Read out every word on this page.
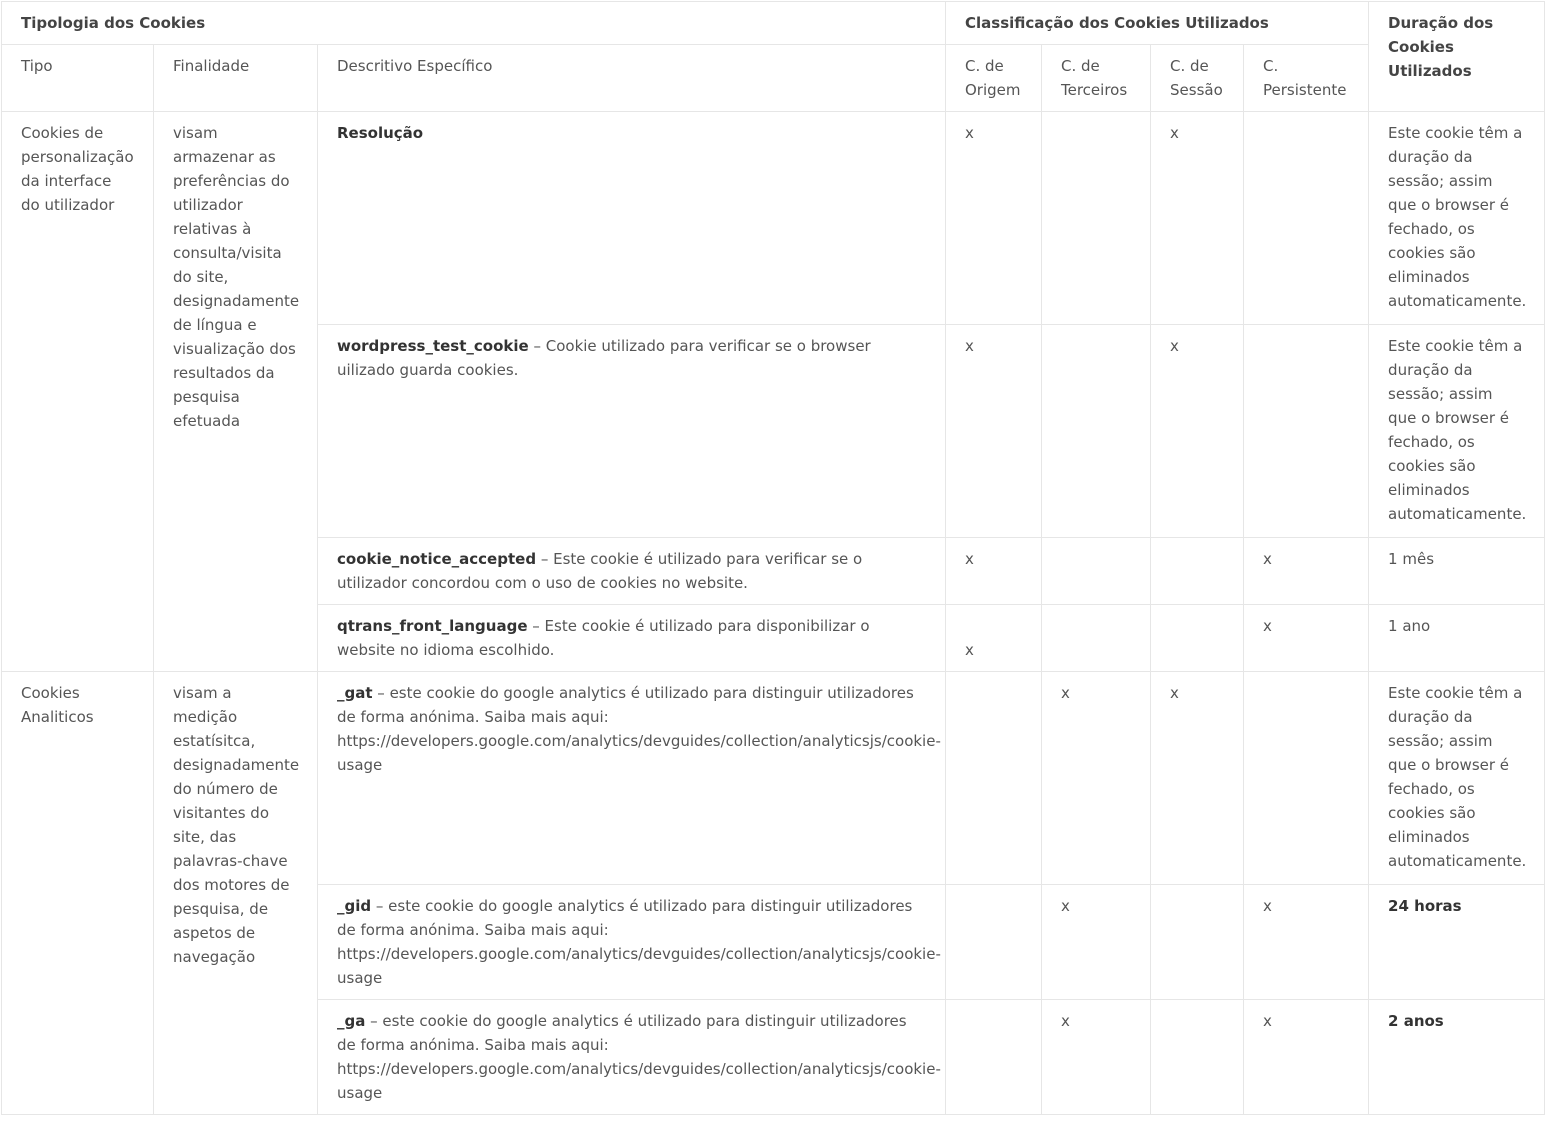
Tipologia dos Cookies			Classificação dos Cookies Utilizados				Duração dos Cookies Utilizados
Tipo	Finalidade	Descritivo Específico	C. de Origem	C. de Terceiros	C. de Sessão	C. Persistente	
Cookies de personalização da interface do utilizador	visam armazenar as preferências do utilizador relativas à consulta/visita do site, designadamente de língua e visualização dos resultados da pesquisa efetuada	Resolução	x		x		Este cookie têm a duração da sessão; assim que o browser é fechado, os cookies são eliminados automaticamente.
		wordpress_test_cookie – Cookie utilizado para verificar se o browser uilizado guarda cookies.	x		x		Este cookie têm a duração da sessão; assim que o browser é fechado, os cookies são eliminados automaticamente.
		cookie_notice_accepted – Este cookie é utilizado para verificar se o utilizador concordou com o uso de cookies no website.	x			x	1 mês
		qtrans_front_language – Este cookie é utilizado para disponibilizar o website no idioma escolhido.	x			x	1 ano
Cookies Analiticos	visam a medição estatísitca, designadamente do número de visitantes do site, das palavras-chave dos motores de pesquisa, de aspetos de navegação	_gat – este cookie do google analytics é utilizado para distinguir utilizadores de forma anónima. Saiba mais aqui: https://developers.google.com/analytics/devguides/collection/analyticsjs/cookie-usage		x	x		Este cookie têm a duração da sessão; assim que o browser é fechado, os cookies são eliminados automaticamente.
		_gid – este cookie do google analytics é utilizado para distinguir utilizadores de forma anónima. Saiba mais aqui: https://developers.google.com/analytics/devguides/collection/analyticsjs/cookie-usage		x		x	24 horas
		_ga – este cookie do google analytics é utilizado para distinguir utilizadores de forma anónima. Saiba mais aqui: https://developers.google.com/analytics/devguides/collection/analyticsjs/cookie-usage		x		x	2 anos
